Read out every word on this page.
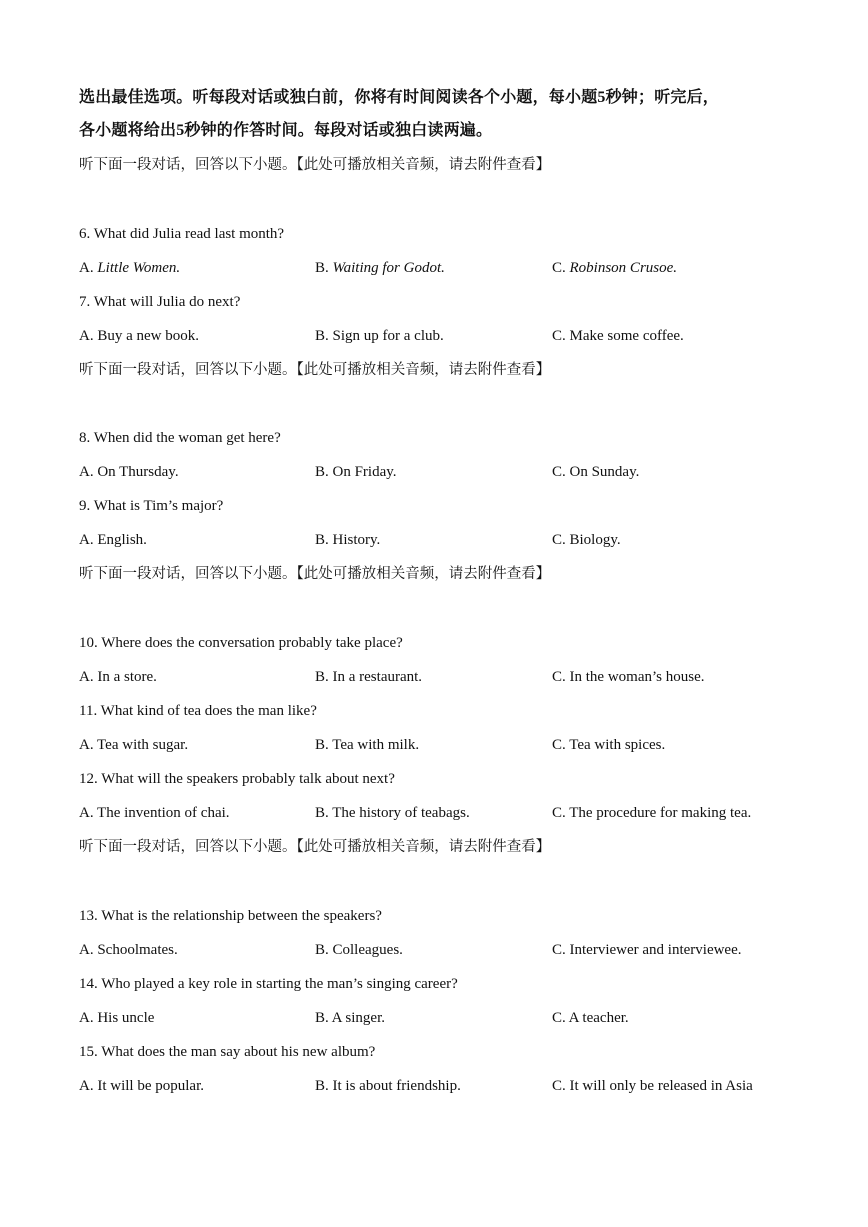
选出最佳选项。听每段对话或独白前，你将有时间阅读各个小题，每小题5秒钟；听完后，
各小题将给出5秒钟的作答时间。每段对话或独白读两遍。
听下面一段对话，回答以下小题。【此处可播放相关音频，请去附件查看】
6. What did Julia read last month?
A. Little Women.	B. Waiting for Godot.	C. Robinson Crusoe.
7. What will Julia do next?
A. Buy a new book.	B. Sign up for a club.	C. Make some coffee.
听下面一段对话，回答以下小题。【此处可播放相关音频，请去附件查看】
8. When did the woman get here?
A. On Thursday.	B. On Friday.	C. On Sunday.
9. What is Tim’s major?
A. English.	B. History.	C. Biology.
听下面一段对话，回答以下小题。【此处可播放相关音频，请去附件查看】
10. Where does the conversation probably take place?
A. In a store.	B. In a restaurant.	C. In the woman’s house.
11. What kind of tea does the man like?
A. Tea with sugar.	B. Tea with milk.	C. Tea with spices.
12. What will the speakers probably talk about next?
A. The invention of chai.	B. The history of teabags.	C. The procedure for making tea.
听下面一段对话，回答以下小题。【此处可播放相关音频，请去附件查看】
13. What is the relationship between the speakers?
A. Schoolmates.	B. Colleagues.	C. Interviewer and interviewee.
14. Who played a key role in starting the man’s singing career?
A. His uncle	B. A singer.	C. A teacher.
15. What does the man say about his new album?
A. It will be popular.	B. It is about friendship.	C. It will only be released in Asia
